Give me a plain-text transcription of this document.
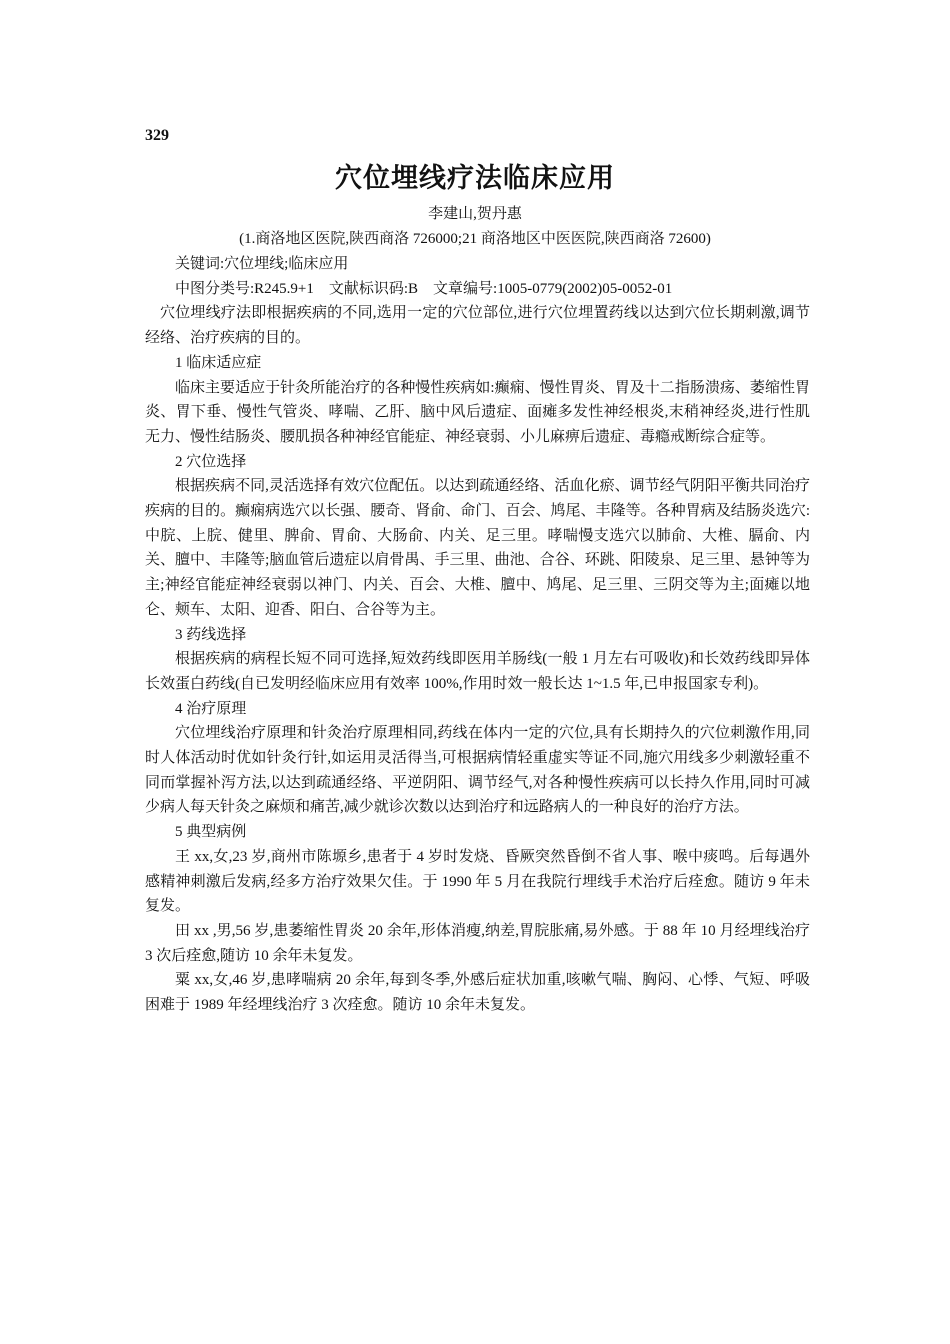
329
穴位埋线疗法临床应用
李建山,贺丹惠
(1.商洛地区医院,陕西商洛 726000;21 商洛地区中医医院,陕西商洛 72600)

关键词:穴位埋线;临床应用

中图分类号:R245.9+1　文献标识码:B　文章编号:1005-0779(2002)05-0052-01

穴位埋线疗法即根据疾病的不同,选用一定的穴位部位,进行穴位埋置药线以达到穴位长期刺激,调节经络、治疗疾病的目的。

1 临床适应症

临床主要适应于针灸所能治疗的各种慢性疾病如:癫痫、慢性胃炎、胃及十二指肠溃疡、萎缩性胃炎、胃下垂、慢性气管炎、哮喘、乙肝、脑中风后遗症、面瘫多发性神经根炎,末稍神经炎,进行性肌无力、慢性结肠炎、腰肌损各种神经官能症、神经衰弱、小儿麻痹后遗症、毒瘾戒断综合症等。

2 穴位选择

根据疾病不同,灵活选择有效穴位配伍。以达到疏通经络、活血化瘀、调节经气阴阳平衡共同治疗疾病的目的。癫痫病选穴以长强、腰奇、肾俞、命门、百会、鸠尾、丰隆等。各种胃病及结肠炎选穴:中脘、上脘、健里、脾俞、胃俞、大肠俞、内关、足三里。哮喘慢支选穴以肺俞、大椎、膈俞、内关、膻中、丰隆等;脑血管后遗症以肩骨禺、手三里、曲池、合谷、环跳、阳陵泉、足三里、悬钟等为主;神经官能症神经衰弱以神门、内关、百会、大椎、膻中、鸠尾、足三里、三阴交等为主;面瘫以地仑、颊车、太阳、迎香、阳白、合谷等为主。

3 药线选择

根据疾病的病程长短不同可选择,短效药线即医用羊肠线(一般 1 月左右可吸收)和长效药线即异体长效蛋白药线(自已发明经临床应用有效率 100%,作用时效一般长达 1~1.5 年,已申报国家专利)。

4 治疗原理

穴位埋线治疗原理和针灸治疗原理相同,药线在体内一定的穴位,具有长期持久的穴位刺激作用,同时人体活动时优如针灸行针,如运用灵活得当,可根据病情轻重虚实等证不同,施穴用线多少刺激轻重不同而掌握补泻方法,以达到疏通经络、平逆阴阳、调节经气,对各种慢性疾病可以长持久作用,同时可减少病人每天针灸之麻烦和痛苦,减少就诊次数以达到治疗和远路病人的一种良好的治疗方法。

5 典型病例

王 xx,女,23 岁,商州市陈塬乡,患者于 4 岁时发烧、昏厥突然昏倒不省人事、喉中痰鸣。后每遇外感精神刺激后发病,经多方治疗效果欠佳。于 1990 年 5 月在我院行埋线手术治疗后痊愈。随访 9 年未复发。

田 xx ,男,56 岁,患萎缩性胃炎 20 余年,形体消瘦,纳差,胃脘胀痛,易外感。于 88 年 10 月经埋线治疗 3 次后痊愈,随访 10 余年未复发。

粟 xx,女,46 岁,患哮喘病 20 余年,每到冬季,外感后症状加重,咳嗽气喘、胸闷、心悸、气短、呼吸困难于 1989 年经埋线治疗 3 次痊愈。随访 10 余年未复发。
